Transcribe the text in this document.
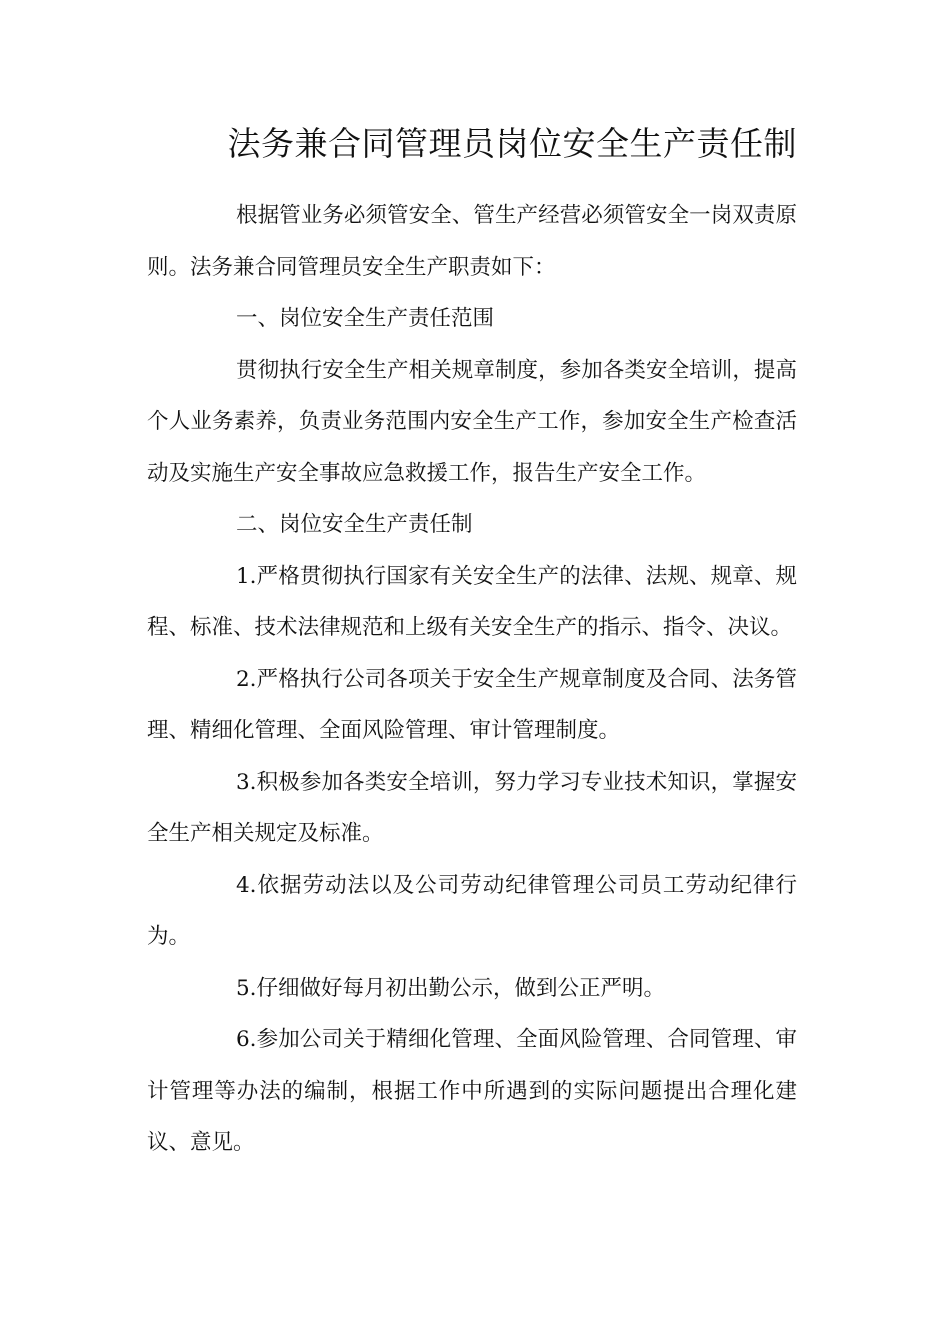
法务兼合同管理员岗位安全生产责任制

根据管业务必须管安全、管生产经营必须管安全一岗双责原则。法务兼合同管理员安全生产职责如下：

一、岗位安全生产责任范围

贯彻执行安全生产相关规章制度，参加各类安全培训，提高个人业务素养，负责业务范围内安全生产工作，参加安全生产检查活动及实施生产安全事故应急救援工作，报告生产安全工作。

二、岗位安全生产责任制

1.严格贯彻执行国家有关安全生产的法律、法规、规章、规程、标准、技术法律规范和上级有关安全生产的指示、指令、决议。

2.严格执行公司各项关于安全生产规章制度及合同、法务管理、精细化管理、全面风险管理、审计管理制度。

3.积极参加各类安全培训，努力学习专业技术知识，掌握安全生产相关规定及标准。

4.依据劳动法以及公司劳动纪律管理公司员工劳动纪律行为。

5.仔细做好每月初出勤公示，做到公正严明。

6.参加公司关于精细化管理、全面风险管理、合同管理、审计管理等办法的编制，根据工作中所遇到的实际问题提出合理化建议、意见。
